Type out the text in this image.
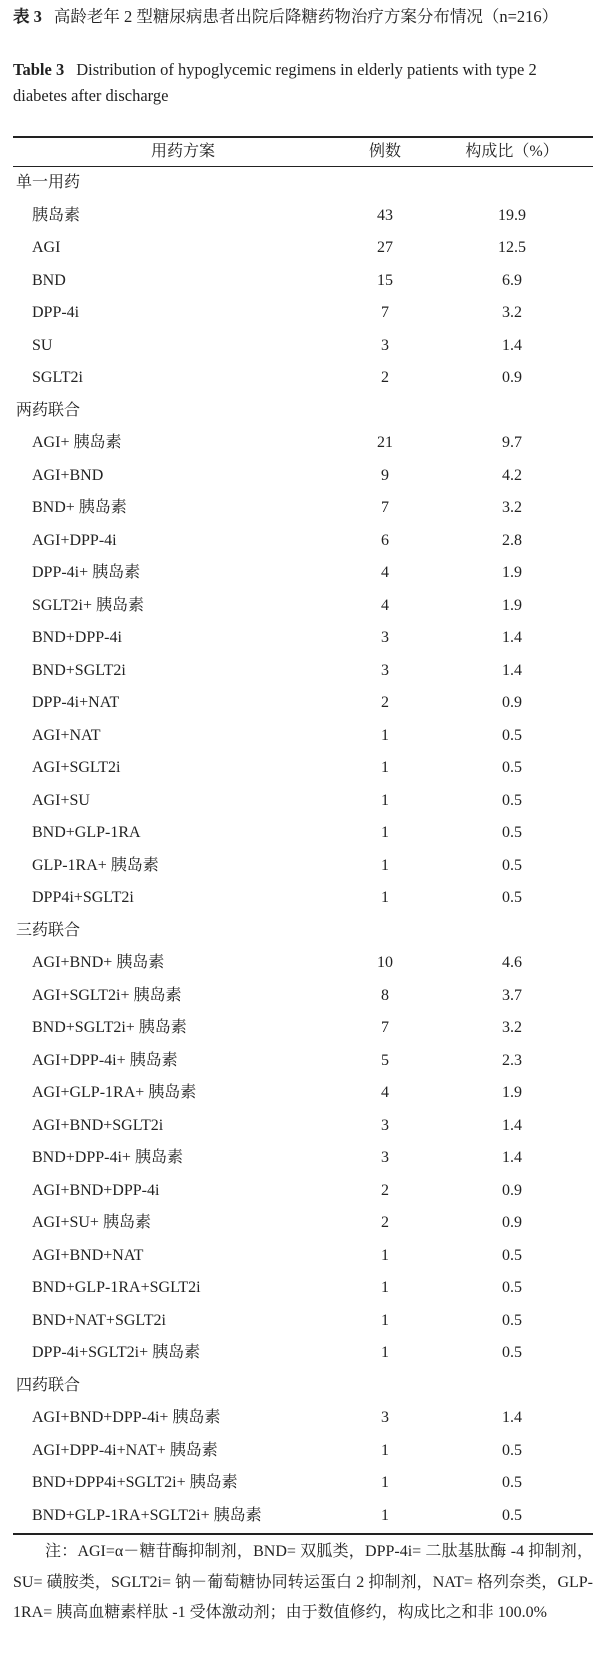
表 3 高龄老年 2 型糖尿病患者出院后降糖药物治疗方案分布情况（n=216）
Table 3 Distribution of hypoglycemic regimens in elderly patients with type 2 diabetes after discharge
用药方案	例数	构成比（%）
单一用药
胰岛素	43	19.9
AGI	27	12.5
BND	15	6.9
DPP-4i	7	3.2
SU	3	1.4
SGLT2i	2	0.9
两药联合
AGI+ 胰岛素	21	9.7
AGI+BND	9	4.2
BND+ 胰岛素	7	3.2
AGI+DPP-4i	6	2.8
DPP-4i+ 胰岛素	4	1.9
SGLT2i+ 胰岛素	4	1.9
BND+DPP-4i	3	1.4
BND+SGLT2i	3	1.4
DPP-4i+NAT	2	0.9
AGI+NAT	1	0.5
AGI+SGLT2i	1	0.5
AGI+SU	1	0.5
BND+GLP-1RA	1	0.5
GLP-1RA+ 胰岛素	1	0.5
DPP4i+SGLT2i	1	0.5
三药联合
AGI+BND+ 胰岛素	10	4.6
AGI+SGLT2i+ 胰岛素	8	3.7
BND+SGLT2i+ 胰岛素	7	3.2
AGI+DPP-4i+ 胰岛素	5	2.3
AGI+GLP-1RA+ 胰岛素	4	1.9
AGI+BND+SGLT2i	3	1.4
BND+DPP-4i+ 胰岛素	3	1.4
AGI+BND+DPP-4i	2	0.9
AGI+SU+ 胰岛素	2	0.9
AGI+BND+NAT	1	0.5
BND+GLP-1RA+SGLT2i	1	0.5
BND+NAT+SGLT2i	1	0.5
DPP-4i+SGLT2i+ 胰岛素	1	0.5
四药联合
AGI+BND+DPP-4i+ 胰岛素	3	1.4
AGI+DPP-4i+NAT+ 胰岛素	1	0.5
BND+DPP4i+SGLT2i+ 胰岛素	1	0.5
BND+GLP-1RA+SGLT2i+ 胰岛素	1	0.5
注：AGI=α－糖苷酶抑制剂，BND= 双胍类，DPP-4i= 二肽基肽酶 -4 抑制剂，SU= 磺胺类，SGLT2i= 钠－葡萄糖协同转运蛋白 2 抑制剂，NAT= 格列奈类，GLP-1RA= 胰高血糖素样肽 -1 受体激动剂；由于数值修约，构成比之和非 100.0%
